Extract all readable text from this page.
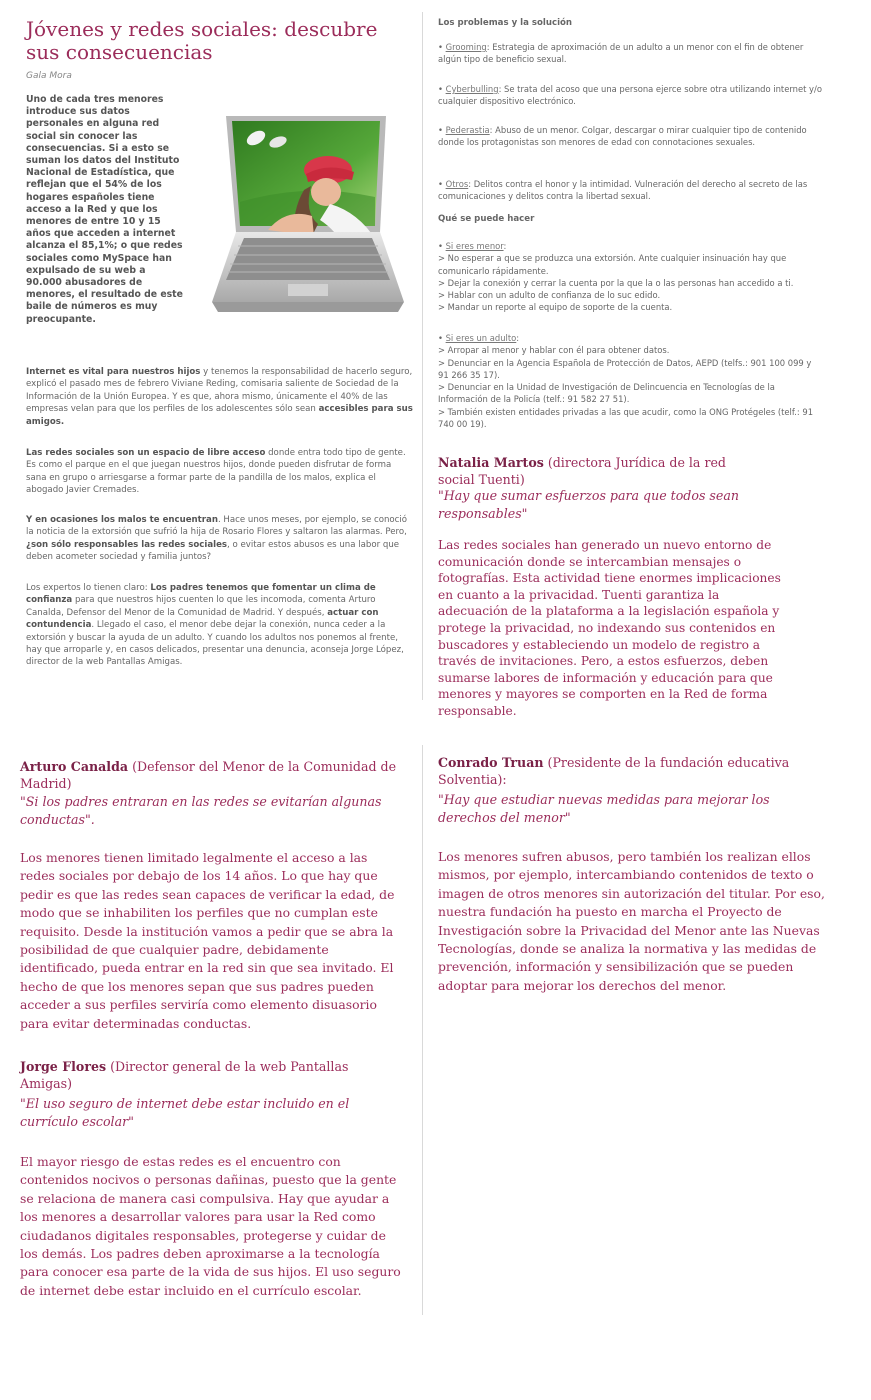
Jóvenes y redes sociales: descubre sus consecuencias
Gala Mora

Uno de cada tres menores introduce sus datos personales en alguna red social sin conocer las consecuencias. Si a esto se suman los datos del Instituto Nacional de Estadística, que reflejan que el 54% de los hogares españoles tiene acceso a la Red y que los menores de entre 10 y 15 años que acceden a internet alcanza el 85,1%; o que redes sociales como MySpace han expulsado de su web a 90.000 abusadores de menores, el resultado de este baile de números es muy preocupante.

Internet es vital para nuestros hijos y tenemos la responsabilidad de hacerlo seguro, explicó el pasado mes de febrero Viviane Reding, comisaria saliente de Sociedad de la Información de la Unión Europea. Y es que, ahora mismo, únicamente el 40% de las empresas velan para que los perfiles de los adolescentes sólo sean accesibles para sus amigos.

Las redes sociales son un espacio de libre acceso donde entra todo tipo de gente. Es como el parque en el que juegan nuestros hijos, donde pueden disfrutar de forma sana en grupo o arriesgarse a formar parte de la pandilla de los malos, explica el abogado Javier Cremades.

Y en ocasiones los malos te encuentran. Hace unos meses, por ejemplo, se conoció la noticia de la extorsión que sufrió la hija de Rosario Flores y saltaron las alarmas. Pero, ¿son sólo responsables las redes sociales, o evitar estos abusos es una labor que deben acometer sociedad y familia juntos?

Los expertos lo tienen claro: Los padres tenemos que fomentar un clima de confianza para que nuestros hijos cuenten lo que les incomoda, comenta Arturo Canalda, Defensor del Menor de la Comunidad de Madrid. Y después, actuar con contundencia. Llegado el caso, el menor debe dejar la conexión, nunca ceder a la extorsión y buscar la ayuda de un adulto. Y cuando los adultos nos ponemos al frente, hay que arroparle y, en casos delicados, presentar una denuncia, aconseja Jorge López, director de la web Pantallas Amigas.

Los problemas y la solución

• Grooming: Estrategia de aproximación de un adulto a un menor con el fin de obtener algún tipo de beneficio sexual.

• Cyberbulling: Se trata del acoso que una persona ejerce sobre otra utilizando internet y/o cualquier dispositivo electrónico.

• Pederastia: Abuso de un menor. Colgar, descargar o mirar cualquier tipo de contenido donde los protagonistas son menores de edad con connotaciones sexuales.

• Otros: Delitos contra el honor y la intimidad. Vulneración del derecho al secreto de las comunicaciones y delitos contra la libertad sexual.

Qué se puede hacer

• Si eres menor:
> No esperar a que se produzca una extorsión. Ante cualquier insinuación hay que comunicarlo rápidamente.
> Dejar la conexión y cerrar la cuenta por la que la o las personas han accedido a ti.
> Hablar con un adulto de confianza de lo suc edido.
> Mandar un reporte al equipo de soporte de la cuenta.

• Si eres un adulto:
> Arropar al menor y hablar con él para obtener datos.
> Denunciar en la Agencia Española de Protección de Datos, AEPD (telfs.: 901 100 099 y 91 266 35 17).
> Denunciar en la Unidad de Investigación de Delincuencia en Tecnologías de la Información de la Policía (telf.: 91 582 27 51).
> También existen entidades privadas a las que acudir, como la ONG Protégeles (telf.: 91 740 00 19).

Natalia Martos (directora Jurídica de la red social Tuenti)

"Hay que sumar esfuerzos para que todos sean responsables"

Las redes sociales han generado un nuevo entorno de comunicación donde se intercambian mensajes o fotografías. Esta actividad tiene enormes implicaciones en cuanto a la privacidad. Tuenti garantiza la adecuación de la plataforma a la legislación española y protege la privacidad, no indexando sus contenidos en buscadores y estableciendo un modelo de registro a través de invitaciones. Pero, a estos esfuerzos, deben sumarse labores de información y educación para que menores y mayores se comporten en la Red de forma responsable.

Arturo Canalda (Defensor del Menor de la Comunidad de Madrid)

"Si los padres entraran en las redes se evitarían algunas conductas".

Los menores tienen limitado legalmente el acceso a las redes sociales por debajo de los 14 años. Lo que hay que pedir es que las redes sean capaces de verificar la edad, de modo que se inhabiliten los perfiles que no cumplan este requisito. Desde la institución vamos a pedir que se abra la posibilidad de que cualquier padre, debidamente identificado, pueda entrar en la red sin que sea invitado. El hecho de que los menores sepan que sus padres pueden acceder a sus perfiles serviría como elemento disuasorio para evitar determinadas conductas.

Jorge Flores (Director general de la web Pantallas Amigas)

"El uso seguro de internet debe estar incluido en el currículo escolar"

El mayor riesgo de estas redes es el encuentro con contenidos nocivos o personas dañinas, puesto que la gente se relaciona de manera casi compulsiva. Hay que ayudar a los menores a desarrollar valores para usar la Red como ciudadanos digitales responsables, protegerse y cuidar de los demás. Los padres deben aproximarse a la tecnología para conocer esa parte de la vida de sus hijos. El uso seguro de internet debe estar incluido en el currículo escolar.

Conrado Truan (Presidente de la fundación educativa Solventia):

"Hay que estudiar nuevas medidas para mejorar los derechos del menor"

Los menores sufren abusos, pero también los realizan ellos mismos, por ejemplo, intercambiando contenidos de texto o imagen de otros menores sin autorización del titular. Por eso, nuestra fundación ha puesto en marcha el Proyecto de Investigación sobre la Privacidad del Menor ante las Nuevas Tecnologías, donde se analiza la normativa y las medidas de prevención, información y sensibilización que se pueden adoptar para mejorar los derechos del menor.
